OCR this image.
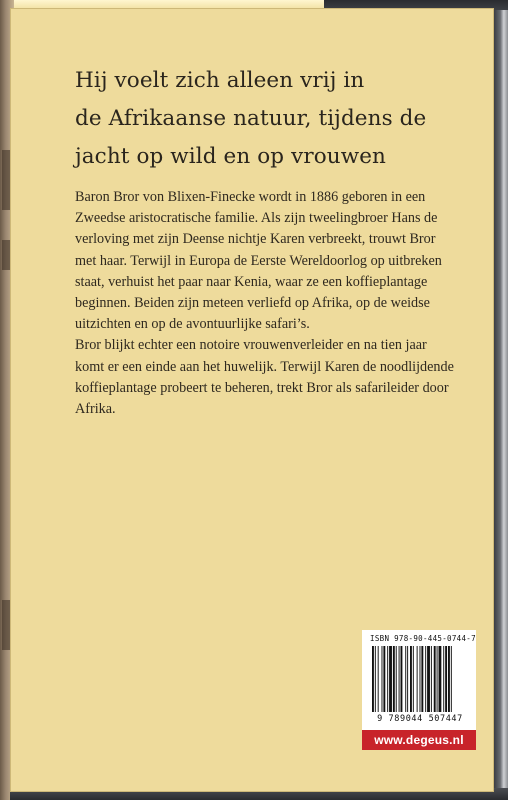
Hij voelt zich alleen vrij in
de Afrikaanse natuur, tijdens de
jacht op wild en op vrouwen
Baron Bror von Blixen-Finecke wordt in 1886 geboren in een
Zweedse aristocratische familie. Als zijn tweelingbroer Hans de
verloving met zijn Deense nichtje Karen verbreekt, trouwt Bror
met haar. Terwijl in Europa de Eerste Wereldoorlog op uitbreken
staat, verhuist het paar naar Kenia, waar ze een koffieplantage
beginnen. Beiden zijn meteen verliefd op Afrika, op de weidse
uitzichten en op de avontuurlijke safari’s.
Bror blijkt echter een notoire vrouwenverleider en na tien jaar
komt er een einde aan het huwelijk. Terwijl Karen de noodlijdende
koffieplantage probeert te beheren, trekt Bror als safarileider door
Afrika.
ISBN 978-90-445-0744-7
9 789044 507447
www.degeus.nl
